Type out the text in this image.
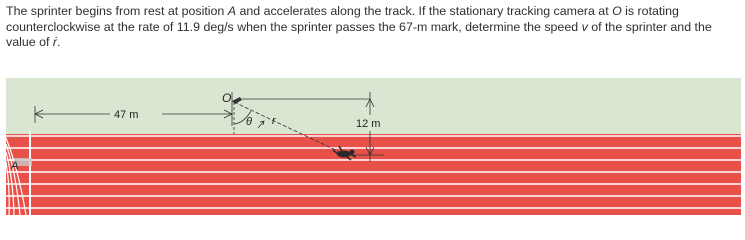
The sprinter begins from rest at position A and accelerates along the track. If the stationary tracking camera at O is rotating counterclockwise at the rate of 11.9 deg/s when the sprinter passes the 67-m mark, determine the speed v of the sprinter and the value of ṙ.
A
47 m
O
θ r	12 m
